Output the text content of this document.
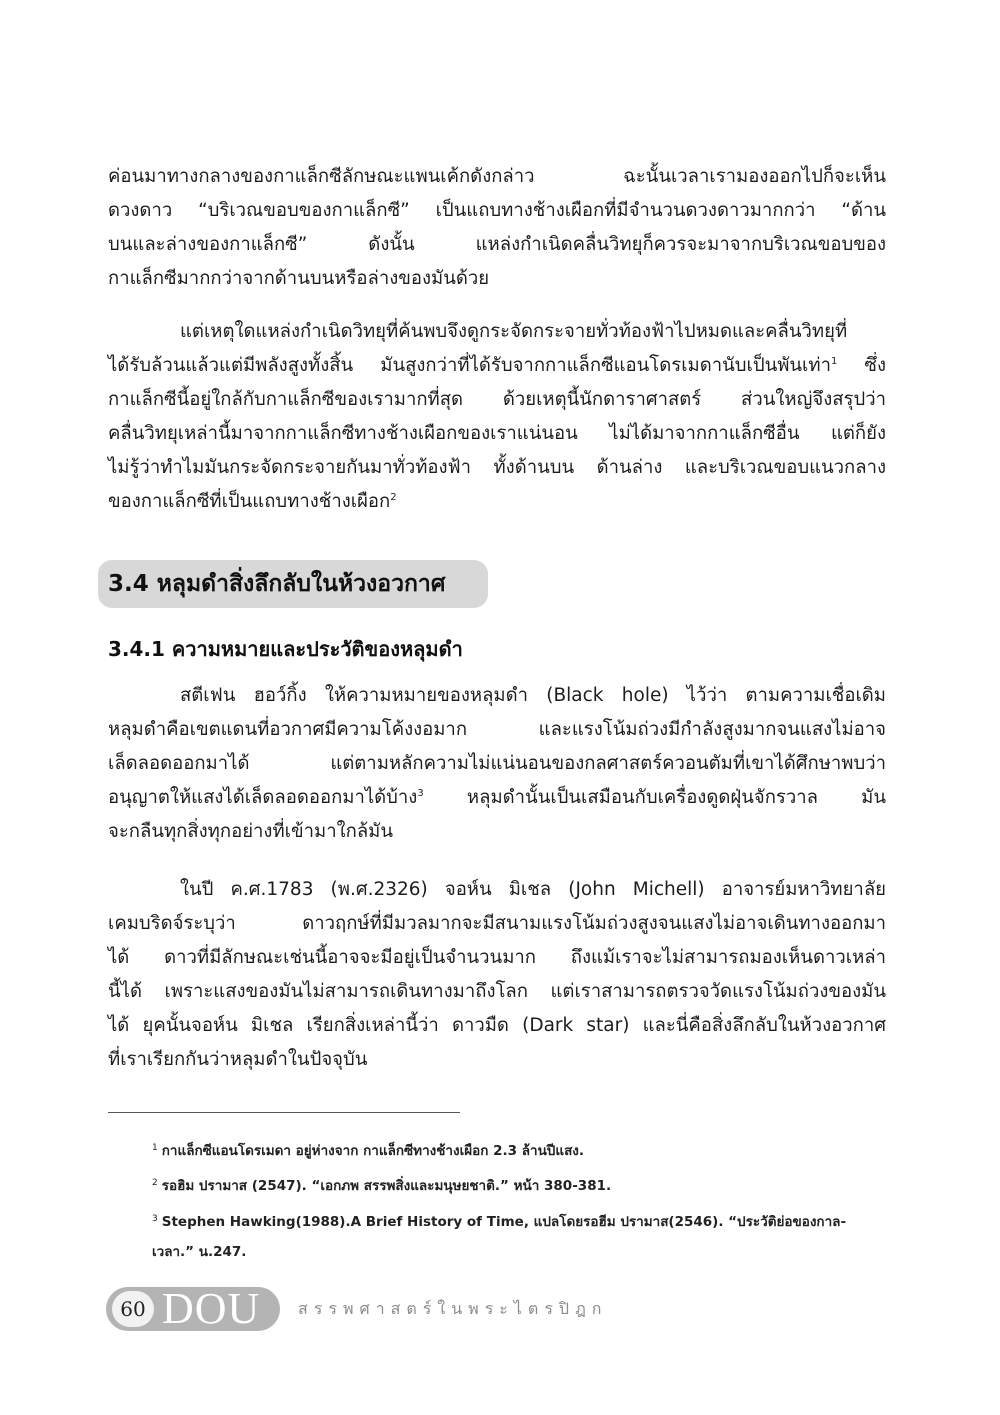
ค่อนมาทางกลางของกาแล็กซีลักษณะแพนเค้กดังกล่าว ฉะนั้นเวลาเรามองออกไปก็จะเห็น
ดวงดาว “บริเวณขอบของกาแล็กซี” เป็นแถบทางช้างเผือกที่มีจำนวนดวงดาวมากกว่า “ด้าน
บนและล่างของกาแล็กซี” ดังนั้น แหล่งกำเนิดคลื่นวิทยุก็ควรจะมาจากบริเวณขอบของ
กาแล็กซีมากกว่าจากด้านบนหรือล่างของมันด้วย
แต่เหตุใดแหล่งกำเนิดวิทยุที่ค้นพบจึงดูกระจัดกระจายทั่วท้องฟ้าไปหมดและคลื่นวิทยุที่
ได้รับล้วนแล้วแต่มีพลังสูงทั้งสิ้น มันสูงกว่าที่ได้รับจากกาแล็กซีแอนโดรเมดานับเป็นพันเท่า$^1$ ซึ่ง
กาแล็กซีนี้อยู่ใกล้กับกาแล็กซีของเรามากที่สุด ด้วยเหตุนี้นักดาราศาสตร์ ส่วนใหญ่จึงสรุปว่า
คลื่นวิทยุเหล่านี้มาจากกาแล็กซีทางช้างเผือกของเราแน่นอน ไม่ได้มาจากกาแล็กซีอื่น แต่ก็ยัง
ไม่รู้ว่าทำไมมันกระจัดกระจายกันมาทั่วท้องฟ้า ทั้งด้านบน ด้านล่าง และบริเวณขอบแนวกลาง
ของกาแล็กซีที่เป็นแถบทางช้างเผือก$^2$
3.4 หลุมดำสิ่งลึกลับในห้วงอวกาศ
3.4.1 ความหมายและประวัติของหลุมดำ
สตีเฟน ฮอว์กิ้ง ให้ความหมายของหลุมดำ (Black hole) ไว้ว่า ตามความเชื่อเดิม
หลุมดำคือเขตแดนที่อวกาศมีความโค้งงอมาก และแรงโน้มถ่วงมีกำลังสูงมากจนแสงไม่อาจ
เล็ดลอดออกมาได้ แต่ตามหลักความไม่แน่นอนของกลศาสตร์ควอนตัมที่เขาได้ศึกษาพบว่า
อนุญาตให้แสงได้เล็ดลอดออกมาได้บ้าง$^3$ หลุมดำนั้นเป็นเสมือนกับเครื่องดูดฝุ่นจักรวาล มัน
จะกลืนทุกสิ่งทุกอย่างที่เข้ามาใกล้มัน
ในปี ค.ศ.1783 (พ.ศ.2326) จอห์น มิเชล (John Michell) อาจารย์มหาวิทยาลัย
เคมบริดจ์ระบุว่า ดาวฤกษ์ที่มีมวลมากจะมีสนามแรงโน้มถ่วงสูงจนแสงไม่อาจเดินทางออกมา
ได้ ดาวที่มีลักษณะเช่นนี้อาจจะมีอยู่เป็นจำนวนมาก ถึงแม้เราจะไม่สามารถมองเห็นดาวเหล่า
นี้ได้ เพราะแสงของมันไม่สามารถเดินทางมาถึงโลก แต่เราสามารถตรวจวัดแรงโน้มถ่วงของมัน
ได้ ยุคนั้นจอห์น มิเชล เรียกสิ่งเหล่านี้ว่า ดาวมืด (Dark star) และนี่คือสิ่งลึกลับในห้วงอวกาศ
ที่เราเรียกกันว่าหลุมดำในปัจจุบัน
$^1$ กาแล็กซีแอนโดรเมดา อยู่ห่างจาก กาแล็กซีทางช้างเผือก 2.3 ล้านปีแสง.
$^2$ รอฮิม ปรามาส (2547). “เอกภพ สรรพสิ่งและมนุษยชาติ.” หน้า 380-381.
$^3$ Stephen Hawking(1988).A Brief History of Time, แปลโดยรอฮีม ปรามาส(2546). “ประวัติย่อของกาล-
เวลา.” น.247.
60 DOU สรรพศาสตร์ในพระไตรปิฎก
